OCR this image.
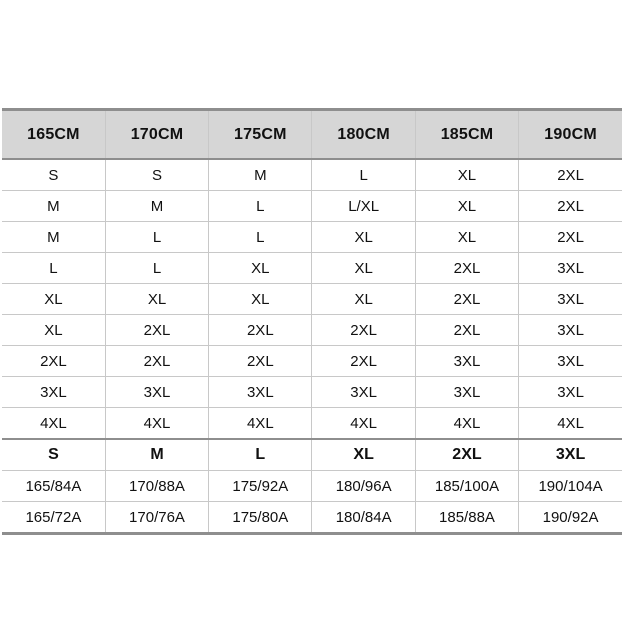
165CM	170CM	175CM	180CM	185CM	190CM
S	S	M	L	XL	2XL
M	M	L	L/XL	XL	2XL
M	L	L	XL	XL	2XL
L	L	XL	XL	2XL	3XL
XL	XL	XL	XL	2XL	3XL
XL	2XL	2XL	2XL	2XL	3XL
2XL	2XL	2XL	2XL	3XL	3XL
3XL	3XL	3XL	3XL	3XL	3XL
4XL	4XL	4XL	4XL	4XL	4XL
S	M	L	XL	2XL	3XL
165/84A	170/88A	175/92A	180/96A	185/100A	190/104A
165/72A	170/76A	175/80A	180/84A	185/88A	190/92A
